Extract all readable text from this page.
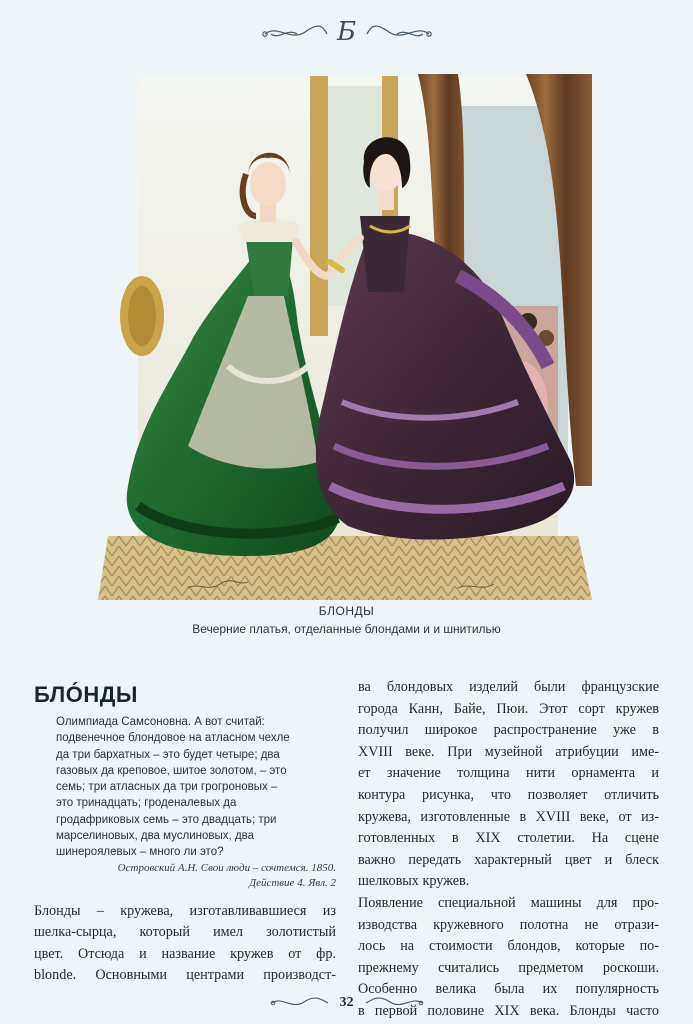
Б
БЛОНДЫ
Вечерние платья, отделанные блондами и и шнитилью
БЛО́НДЫ

Олимпиада Самсоновна. А вот считай:

подвенечное блондовое на атласном чехле

да три бархатных – это будет четыре; два

газовых да креповое, шитое золотом, – это

семь; три атласных да три грогроновых –

это тринадцать; гроденалевых да

гродафриковых семь – это двадцать; три

марселиновых, два муслиновых, два

шинероялевых – много ли это?

Островский А.Н. Свои люди – сочтемся. 1850.
Действие 4. Явл. 2
Блонды – кружева, изготавливавшиеся из
шелка-сырца, который имел золотистый
цвет. Отсюда и название кружев от фр.
blonde. Основными центрами производст-
ва блондовых изделий были французские
города Канн, Байе, Пюи. Этот сорт кружев
получил широкое распространение уже в
XVIII веке. При музейной атрибуции име-
ет значение толщина нити орнамента и
контура рисунка, что позволяет отличить
кружева, изготовленные в XVIII веке, от из-
готовленных в XIX столетии. На сцене
важно передать характерный цвет и блеск
шелковых кружев.
Появление специальной машины для про-
изводства кружевного полотна не отрази-
лось на стоимости блондов, которые по-
прежнему считались предметом роскоши.
Особенно велика была их популярность
в первой половине XIX века. Блонды часто
32
